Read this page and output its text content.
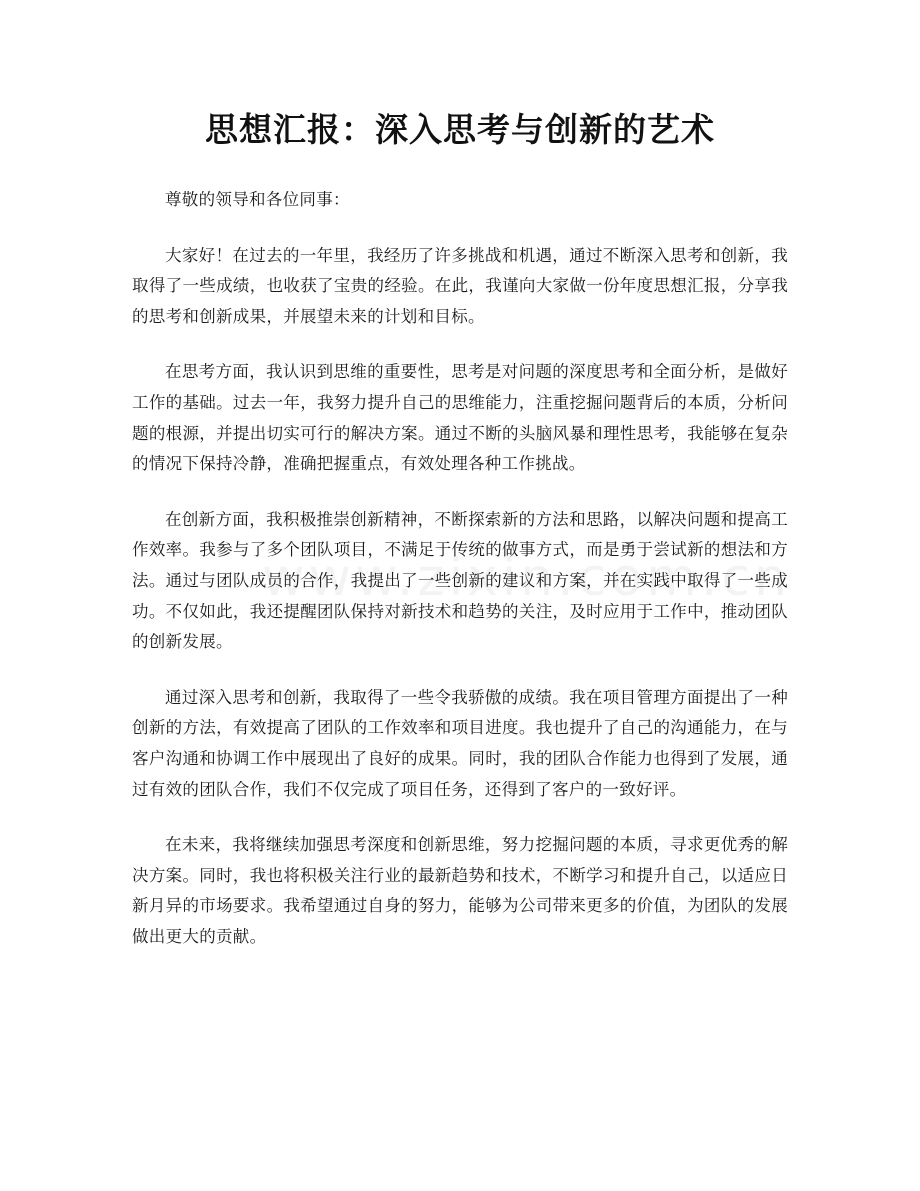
思想汇报：深入思考与创新的艺术

尊敬的领导和各位同事：

大家好！在过去的一年里，我经历了许多挑战和机遇，通过不断深入思考和创新，我取得了一些成绩，也收获了宝贵的经验。在此，我谨向大家做一份年度思想汇报，分享我的思考和创新成果，并展望未来的计划和目标。

在思考方面，我认识到思维的重要性，思考是对问题的深度思考和全面分析，是做好工作的基础。过去一年，我努力提升自己的思维能力，注重挖掘问题背后的本质，分析问题的根源，并提出切实可行的解决方案。通过不断的头脑风暴和理性思考，我能够在复杂的情况下保持冷静，准确把握重点，有效处理各种工作挑战。

在创新方面，我积极推崇创新精神，不断探索新的方法和思路，以解决问题和提高工作效率。我参与了多个团队项目，不满足于传统的做事方式，而是勇于尝试新的想法和方法。通过与团队成员的合作，我提出了一些创新的建议和方案，并在实践中取得了一些成功。不仅如此，我还提醒团队保持对新技术和趋势的关注，及时应用于工作中，推动团队的创新发展。

通过深入思考和创新，我取得了一些令我骄傲的成绩。我在项目管理方面提出了一种创新的方法，有效提高了团队的工作效率和项目进度。我也提升了自己的沟通能力，在与客户沟通和协调工作中展现出了良好的成果。同时，我的团队合作能力也得到了发展，通过有效的团队合作，我们不仅完成了项目任务，还得到了客户的一致好评。

在未来，我将继续加强思考深度和创新思维，努力挖掘问题的本质，寻求更优秀的解决方案。同时，我也将积极关注行业的最新趋势和技术，不断学习和提升自己，以适应日新月异的市场要求。我希望通过自身的努力，能够为公司带来更多的价值，为团队的发展做出更大的贡献。
